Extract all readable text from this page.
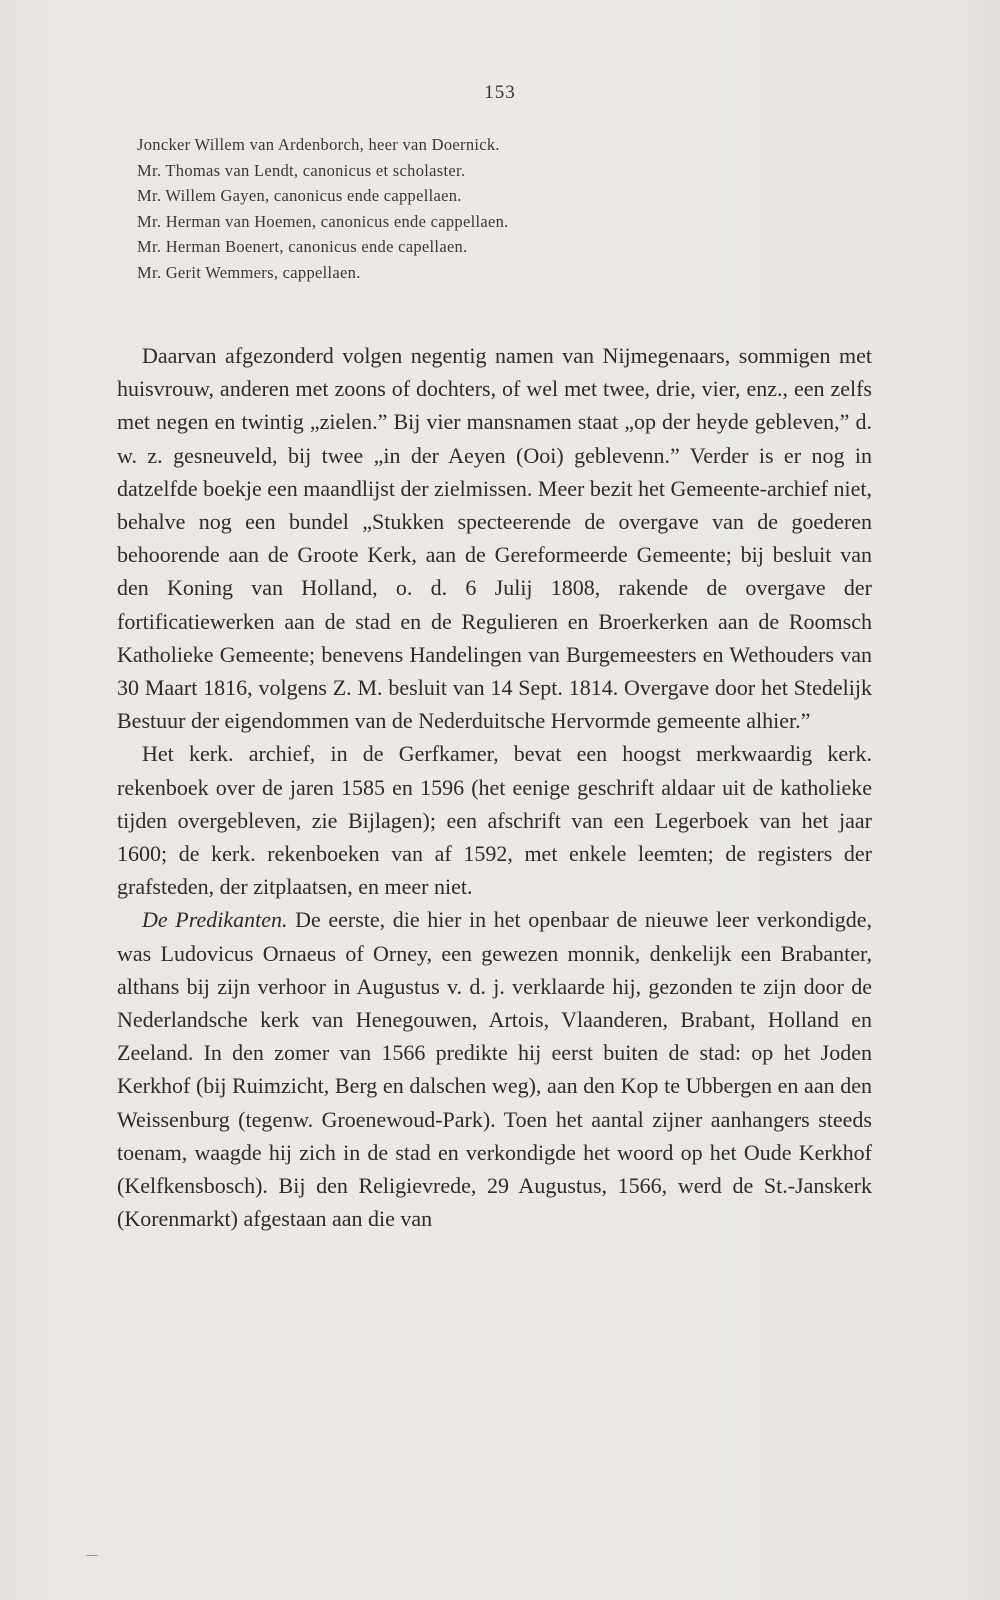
153
Joncker Willem van Ardenborch, heer van Doernick.
Mr. Thomas van Lendt, canonicus et scholaster.
Mr. Willem Gayen, canonicus ende cappellaen.
Mr. Herman van Hoemen, canonicus ende cappellaen.
Mr. Herman Boenert, canonicus ende capellaen.
Mr. Gerit Wemmers, cappellaen.

Daarvan afgezonderd volgen negentig namen van Nijmegenaars, sommigen met huisvrouw, anderen met zoons of dochters, of wel met twee, drie, vier, enz., een zelfs met negen en twintig „zielen.” Bij vier mansnamen staat „op der heyde gebleven,” d. w. z. gesneuveld, bij twee „in der Aeyen (Ooi) geblevenn.” Verder is er nog in datzelfde boekje een maandlijst der zielmissen. Meer bezit het Gemeente-archief niet, behalve nog een bundel „Stukken specteerende de overgave van de goederen behoorende aan de Groote Kerk, aan de Gereformeerde Gemeente; bij besluit van den Koning van Holland, o. d. 6 Julij 1808, rakende de overgave der fortificatiewerken aan de stad en de Regulieren en Broerkerken aan de Roomsch Katholieke Gemeente; benevens Handelingen van Burgemeesters en Wethouders van 30 Maart 1816, volgens Z. M. besluit van 14 Sept. 1814. Overgave door het Stedelijk Bestuur der eigendommen van de Nederduitsche Hervormde gemeente alhier.”

Het kerk. archief, in de Gerfkamer, bevat een hoogst merkwaardig kerk. rekenboek over de jaren 1585 en 1596 (het eenige geschrift aldaar uit de katholieke tijden overgebleven, zie Bijlagen); een afschrift van een Legerboek van het jaar 1600; de kerk. rekenboeken van af 1592, met enkele leemten; de registers der grafsteden, der zitplaatsen, en meer niet.

De Predikanten. De eerste, die hier in het openbaar de nieuwe leer verkondigde, was Ludovicus Ornaeus of Orney, een gewezen monnik, denkelijk een Brabanter, althans bij zijn verhoor in Augustus v. d. j. verklaarde hij, gezonden te zijn door de Nederlandsche kerk van Henegouwen, Artois, Vlaanderen, Brabant, Holland en Zeeland. In den zomer van 1566 predikte hij eerst buiten de stad: op het Joden Kerkhof (bij Ruimzicht, Berg en dalschen weg), aan den Kop te Ubbergen en aan den Weissenburg (tegenw. Groenewoud-Park). Toen het aantal zijner aanhangers steeds toenam, waagde hij zich in de stad en verkondigde het woord op het Oude Kerkhof (Kelfkensbosch). Bij den Religievrede, 29 Augustus, 1566, werd de St.-Janskerk (Korenmarkt) afgestaan aan die van
